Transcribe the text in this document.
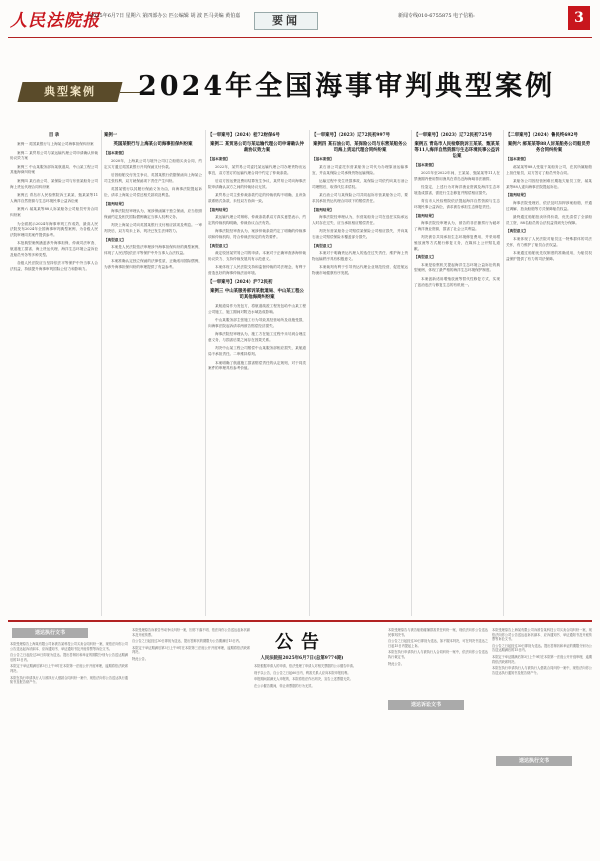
人民法院报
2025年6月7日 星期六 第四部办公 匹公编辑 胡 波 匹马美编 黄伯嘉	要闻	新闻专线010-6755875 电子信箱:	3
典型案例	2024年全国海事审判典型案例
目 录

案例一 英国某银行与上海某公司海事担保纠纷案

案例二 某贸易公司与某运输代理公司申请确认仲裁协议效力案

案例三 中山某服务部诉某航道局、中山某工程公司其他海商纠纷案

案例四 某石油公司、某保险公司与东营某船务公司海上货运代理合同纠纷案

案例五 青岛市人民检察院诉王某某、甄某某等11人海洋自然资源与生态环境民事公益诉讼案

案例六 郝某某等88人诉某船务公司船员劳务合同纠纷案

为全面展示2024年海事审判工作成效，最高人民法院发布2024年全国海事审判典型案例，为各级人民法院审理同类案件提供参考。

本批典型案例涵盖涉外海事担保、仲裁司法审查、航道施工损害、海上货运代理、海洋生态环境公益诉讼及船员劳务等多种类型。

各级人民法院应当坚持依法平等保护中外当事人合法权益，持续提升海事审判国际公信力和影响力。

案例一
英国某银行与上海某公司海事担保纠纷案
【基本案情】

2020年，上海某公司与境外公司订立船舶买卖合同，约定买方通过英国某银行开具保函支付价款。

后因船舶交付发生争议，英国某银行依据保函向上海某公司主张权利，双方就保函项下责任产生纠纷。

英国某银行以其履行保函义务为由，向海事法院提起诉讼，请求上海某公司偿还相关款项及利息。

【裁判结果】

海事法院经审理认为，案涉保函属于独立保函，应当依照保函约定及相关国际惯例确定当事人权利义务。

判决上海某公司向英国某银行支付相应款项及利息。一审判决后，双方均未上诉，判决已发生法律效力。

【典型意义】

本案是人民法院依法审理涉外海事担保纠纷的典型案例，体现了人民法院依法平等保护中外当事人合法权益。

本案准确认定独立保函的法律性质，正确适用国际惯例，为涉外海事担保纠纷的审理提供了有益参考。

【一审案号】（2024）桂72财保6号
案例二 某贸易公司与某运输代理公司申请确认仲裁协议效力案
【基本案情】

2022年，某贸易公司委托某运输代理公司办理货物出运事宜，双方签订的运输代理合同中约定了仲裁条款。

后双方因运费及费用结算发生争议，某贸易公司向海事法院申请确认双方之间的仲裁协议无效。

某贸易公司主张仲裁条款约定的仲裁机构不明确，且该条款系格式条款，未经双方协商一致。

【裁判结果】

某运输代理公司辩称，仲裁条款系双方真实意思表示，约定的仲裁机构明确，仲裁协议合法有效。

海事法院经审查认为，案涉仲裁条款约定了明确的仲裁事项和仲裁机构，符合仲裁法规定的有效要件。

【典型意义】

裁定驳回某贸易公司的申请。本案对于正确审查涉海仲裁协议效力、支持仲裁发展具有示范意义。

本案体现了人民法院支持和监督仲裁的司法理念，有利于营造良好的海事仲裁法治环境。

【一审案号】（2024）沪72民初
案例三 中山某服务部诉某航道局、中山某工程公司其他海商纠纷案

某航道局作为发包方，将航道疏浚工程发包给中山某工程公司施工，施工期间对附近水域造成影响。

中山某服务部主张施工行为导致其经营场所及设施受损，向海事法院起诉请求两被告赔偿经济损失。

海事法院经审理认为，施工方在施工过程中未尽到合理注意义务，与损害后果之间存在因果关系。

判决中山某工程公司赔偿中山某服务部相应损失，某航道局不承担责任。二审维持原判。

本案明确了航道施工损害赔偿责任的认定规则，对于同类案件的审理具有参考价值。

【一审案号】（2023）辽72民初997号
案例四 某石油公司、某保险公司与东营某船务公司海上货运代理合同纠纷案
【基本案情】

某石油公司委托东营某船务公司代为办理原油运输事宜，并由某保险公司承保货物运输保险。

运输过程中发生货损事故，某保险公司依约向某石油公司理赔后，取得代位求偿权。

某石油公司与某保险公司共同起诉东营某船务公司，要求其承担货运代理合同项下的赔偿责任。

【裁判结果】

海事法院经审理认为，东营某船务公司在选任实际承运人时存在过失，应当承担相应赔偿责任。

判决东营某船务公司赔偿某保险公司相应损失，并向某石油公司赔偿保险未覆盖部分损失。

【典型意义】

本案对于明确货运代理人的选任过失责任、维护海上货物运输秩序具有积极意义。

本案裁判有利于引导货运代理企业规范经营，促进航运物流市场健康有序发展。

【一审案号】（2023）辽72民初725号
案例五 青岛市人民检察院诉王某某、甄某某等11人海洋自然资源与生态环境民事公益诉讼案
【基本案情】

2021年至2022年间，王某某、甄某某等11人在禁渔期内使用禁用渔具在青岛近海海域非法捕捞。

经鉴定，上述行为对海洋渔业资源及海洋生态环境造成损害，需进行生态修复并赔偿相应损失。

青岛市人民检察院依法提起海洋自然资源与生态环境民事公益诉讼，请求被告承担生态修复责任。

【裁判结果】

海事法院经审理认为，被告的非法捕捞行为破坏了海洋渔业资源，损害了社会公共利益。

判决被告共同承担生态环境修复费用，并采用增殖放流等方式履行修复义务，在媒体上公开赔礼道歉。

【典型意义】

本案是检察机关提起海洋生态环境公益诉讼的典型案例，体现了最严格的海洋生态环境保护制度。

本案创新适用增殖放流等替代性修复方式，实现了惩治违法与修复生态的有机统一。

【二审案号】（2024）鲁民终692号
案例六 郝某某等88人诉某船务公司船员劳务合同纠纷案
【基本案情】

郝某某等88人受雇于某船务公司，在其所属船舶上担任船员，双方签订了船员劳务合同。

某船务公司因经营困难长期拖欠船员工资，郝某某等88人遂向海事法院提起诉讼。

【裁判结果】

海事法院受理后，依法及时扣押涉案船舶，并通过调解、拍卖船舶等方式保障船员权益。

最终通过船舶拍卖所得价款，优先清偿了全部船员工资，88名船员的合法权益得到充分保障。

【典型意义】

本案体现了人民法院对船员这一特殊群体的司法关怀，有力维护了船员合法权益。

本案通过船舶优先权制度的准确适用，为船员权益保护提供了有力的司法保障。

送达执行文书

本院受理原告上海某有限公司诉被告某科技公司买卖合同纠纷一案，现依法向你公司公告送达起诉状副本、应诉通知书、举证通知书及开庭传票等诉讼文书。

自公告之日起经过30日即视为送达。提出答辩状和举证的期限分别为公告送达期满后的15日内。

本院定于举证期满后第3日上午9时在本院第一法庭公开开庭审理，逾期将依法缺席判决。

本院在执行申请执行人与被执行人借款合同纠纷一案中，现依法向你公告送达执行通知书及报告财产令。

本院受理原告诉被告劳动争议纠纷一案，因你下落不明，依法向你公告送达起诉状副本及开庭传票。

自公告之日起经过30日即视为送达，提出答辩状的期限为公告期满后15日内。

本院定于举证期满后第3日上午9时在本院第三法庭公开开庭审理，逾期将依法缺席判决。

特此公告。

公告
人民法院报2025年6月7日(总第9774期)

本院根据申请人的申请，依法受理了申请人对相关票据的公示催告申请。

现予以公告，自公告之日起60日内，利害关系人应向本院申报权利。

申报期间届满无人申报的，本院将依法作出判决，宣告上述票据无效。

在公示催告期间，转让该票据的行为无效。

送达诉讼文书

本院受理原告与被告船舶碰撞损害责任纠纷一案，现依法向你公告送达民事判决书。

自公告之日起经过30日即视为送达，如不服本判决，可在判决书送达之日起15日内提起上诉。

本院在执行申请执行人与被执行人合同纠纷一案中，依法向你公告送达执行裁定书。

特此公告。

送达执行文书

本院受理原告上海某有限公司诉被告某科技公司买卖合同纠纷一案，现依法向你公司公告送达起诉状副本、应诉通知书、举证通知书及开庭传票等诉讼文书。

自公告之日起经过30日即视为送达。提出答辩状和举证的期限分别为公告送达期满后的15日内。

本院定于举证期满后第3日上午9时在本院第一法庭公开开庭审理，逾期将依法缺席判决。

本院在执行申请执行人与被执行人借款合同纠纷一案中，现依法向你公告送达执行通知书及报告财产令。
